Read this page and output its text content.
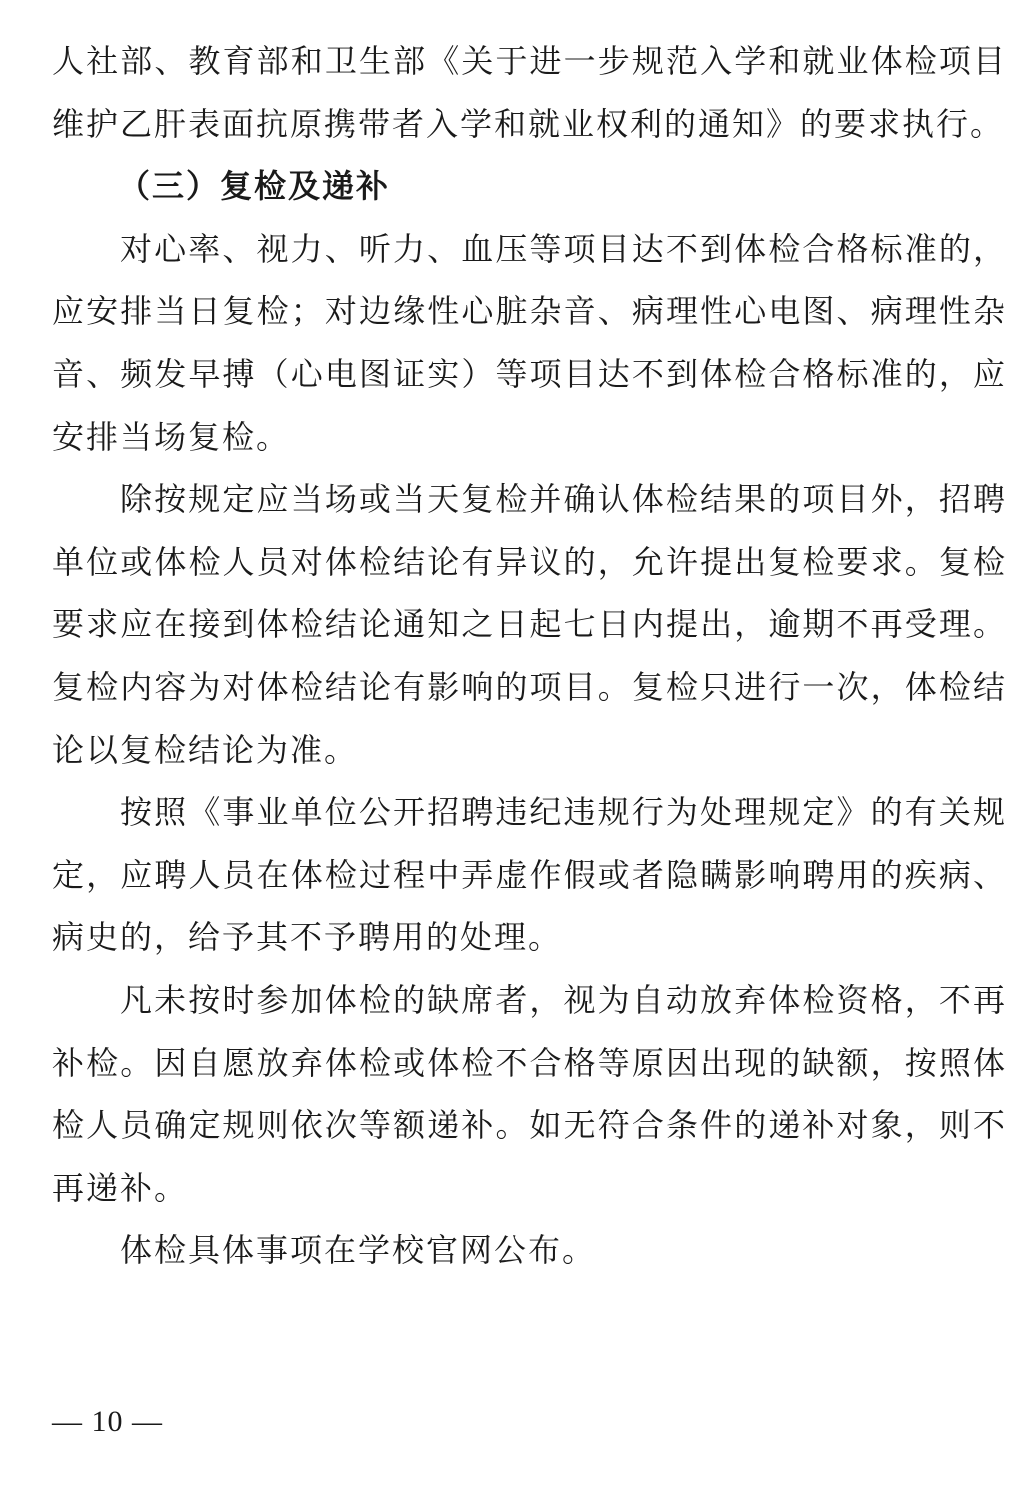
人社部、教育部和卫生部《关于进一步规范入学和就业体检项目维护乙肝表面抗原携带者入学和就业权利的通知》的要求执行。

（三）复检及递补

对心率、视力、听力、血压等项目达不到体检合格标准的，应安排当日复检；对边缘性心脏杂音、病理性心电图、病理性杂音、频发早搏（心电图证实）等项目达不到体检合格标准的，应安排当场复检。

除按规定应当场或当天复检并确认体检结果的项目外，招聘单位或体检人员对体检结论有异议的，允许提出复检要求。复检要求应在接到体检结论通知之日起七日内提出，逾期不再受理。复检内容为对体检结论有影响的项目。复检只进行一次，体检结论以复检结论为准。

按照《事业单位公开招聘违纪违规行为处理规定》的有关规定，应聘人员在体检过程中弄虚作假或者隐瞒影响聘用的疾病、病史的，给予其不予聘用的处理。

凡未按时参加体检的缺席者，视为自动放弃体检资格，不再补检。因自愿放弃体检或体检不合格等原因出现的缺额，按照体检人员确定规则依次等额递补。如无符合条件的递补对象，则不再递补。

体检具体事项在学校官网公布。

— 10 —
